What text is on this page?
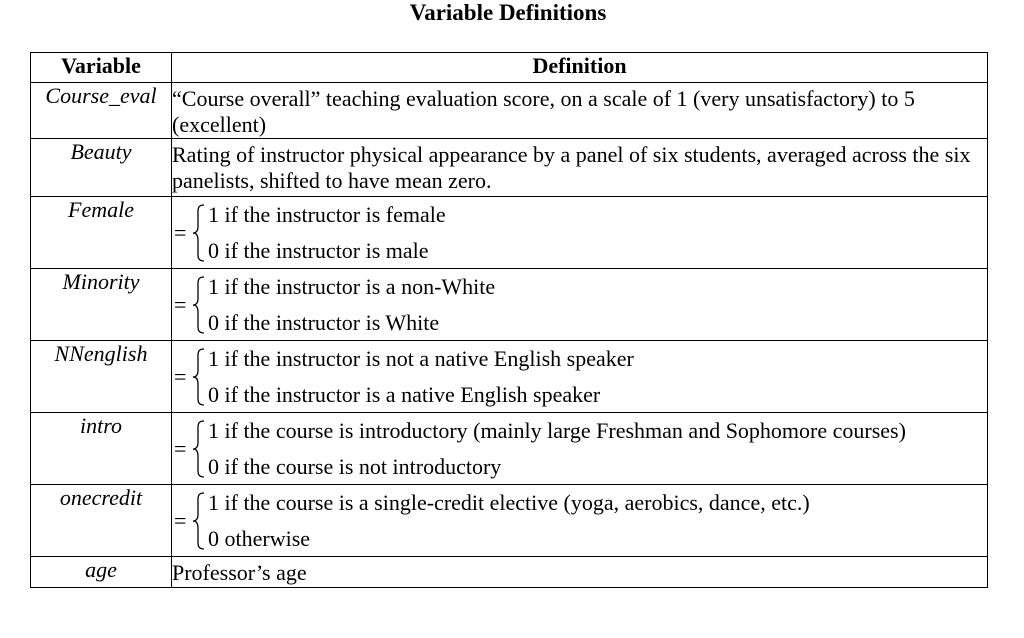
Variable Definitions
Variable	Definition
Course_eval	“Course overall” teaching evaluation score, on a scale of 1 (very unsatisfactory) to 5 (excellent)
Beauty	Rating of instructor physical appearance by a panel of six students, averaged across the six panelists, shifted to have mean zero.
Female	=
1 if the instructor is female
0 if the instructor is male

Minority	=
1 if the instructor is a non-White
0 if the instructor is White

NNenglish	=
1 if the instructor is not a native English speaker
0 if the instructor is a native English speaker

intro	=
1 if the course is introductory (mainly large Freshman and Sophomore courses)
0 if the course is not introductory

onecredit	=
1 if the course is a single-credit elective (yoga, aerobics, dance, etc.)
0 otherwise

age	Professor’s age
